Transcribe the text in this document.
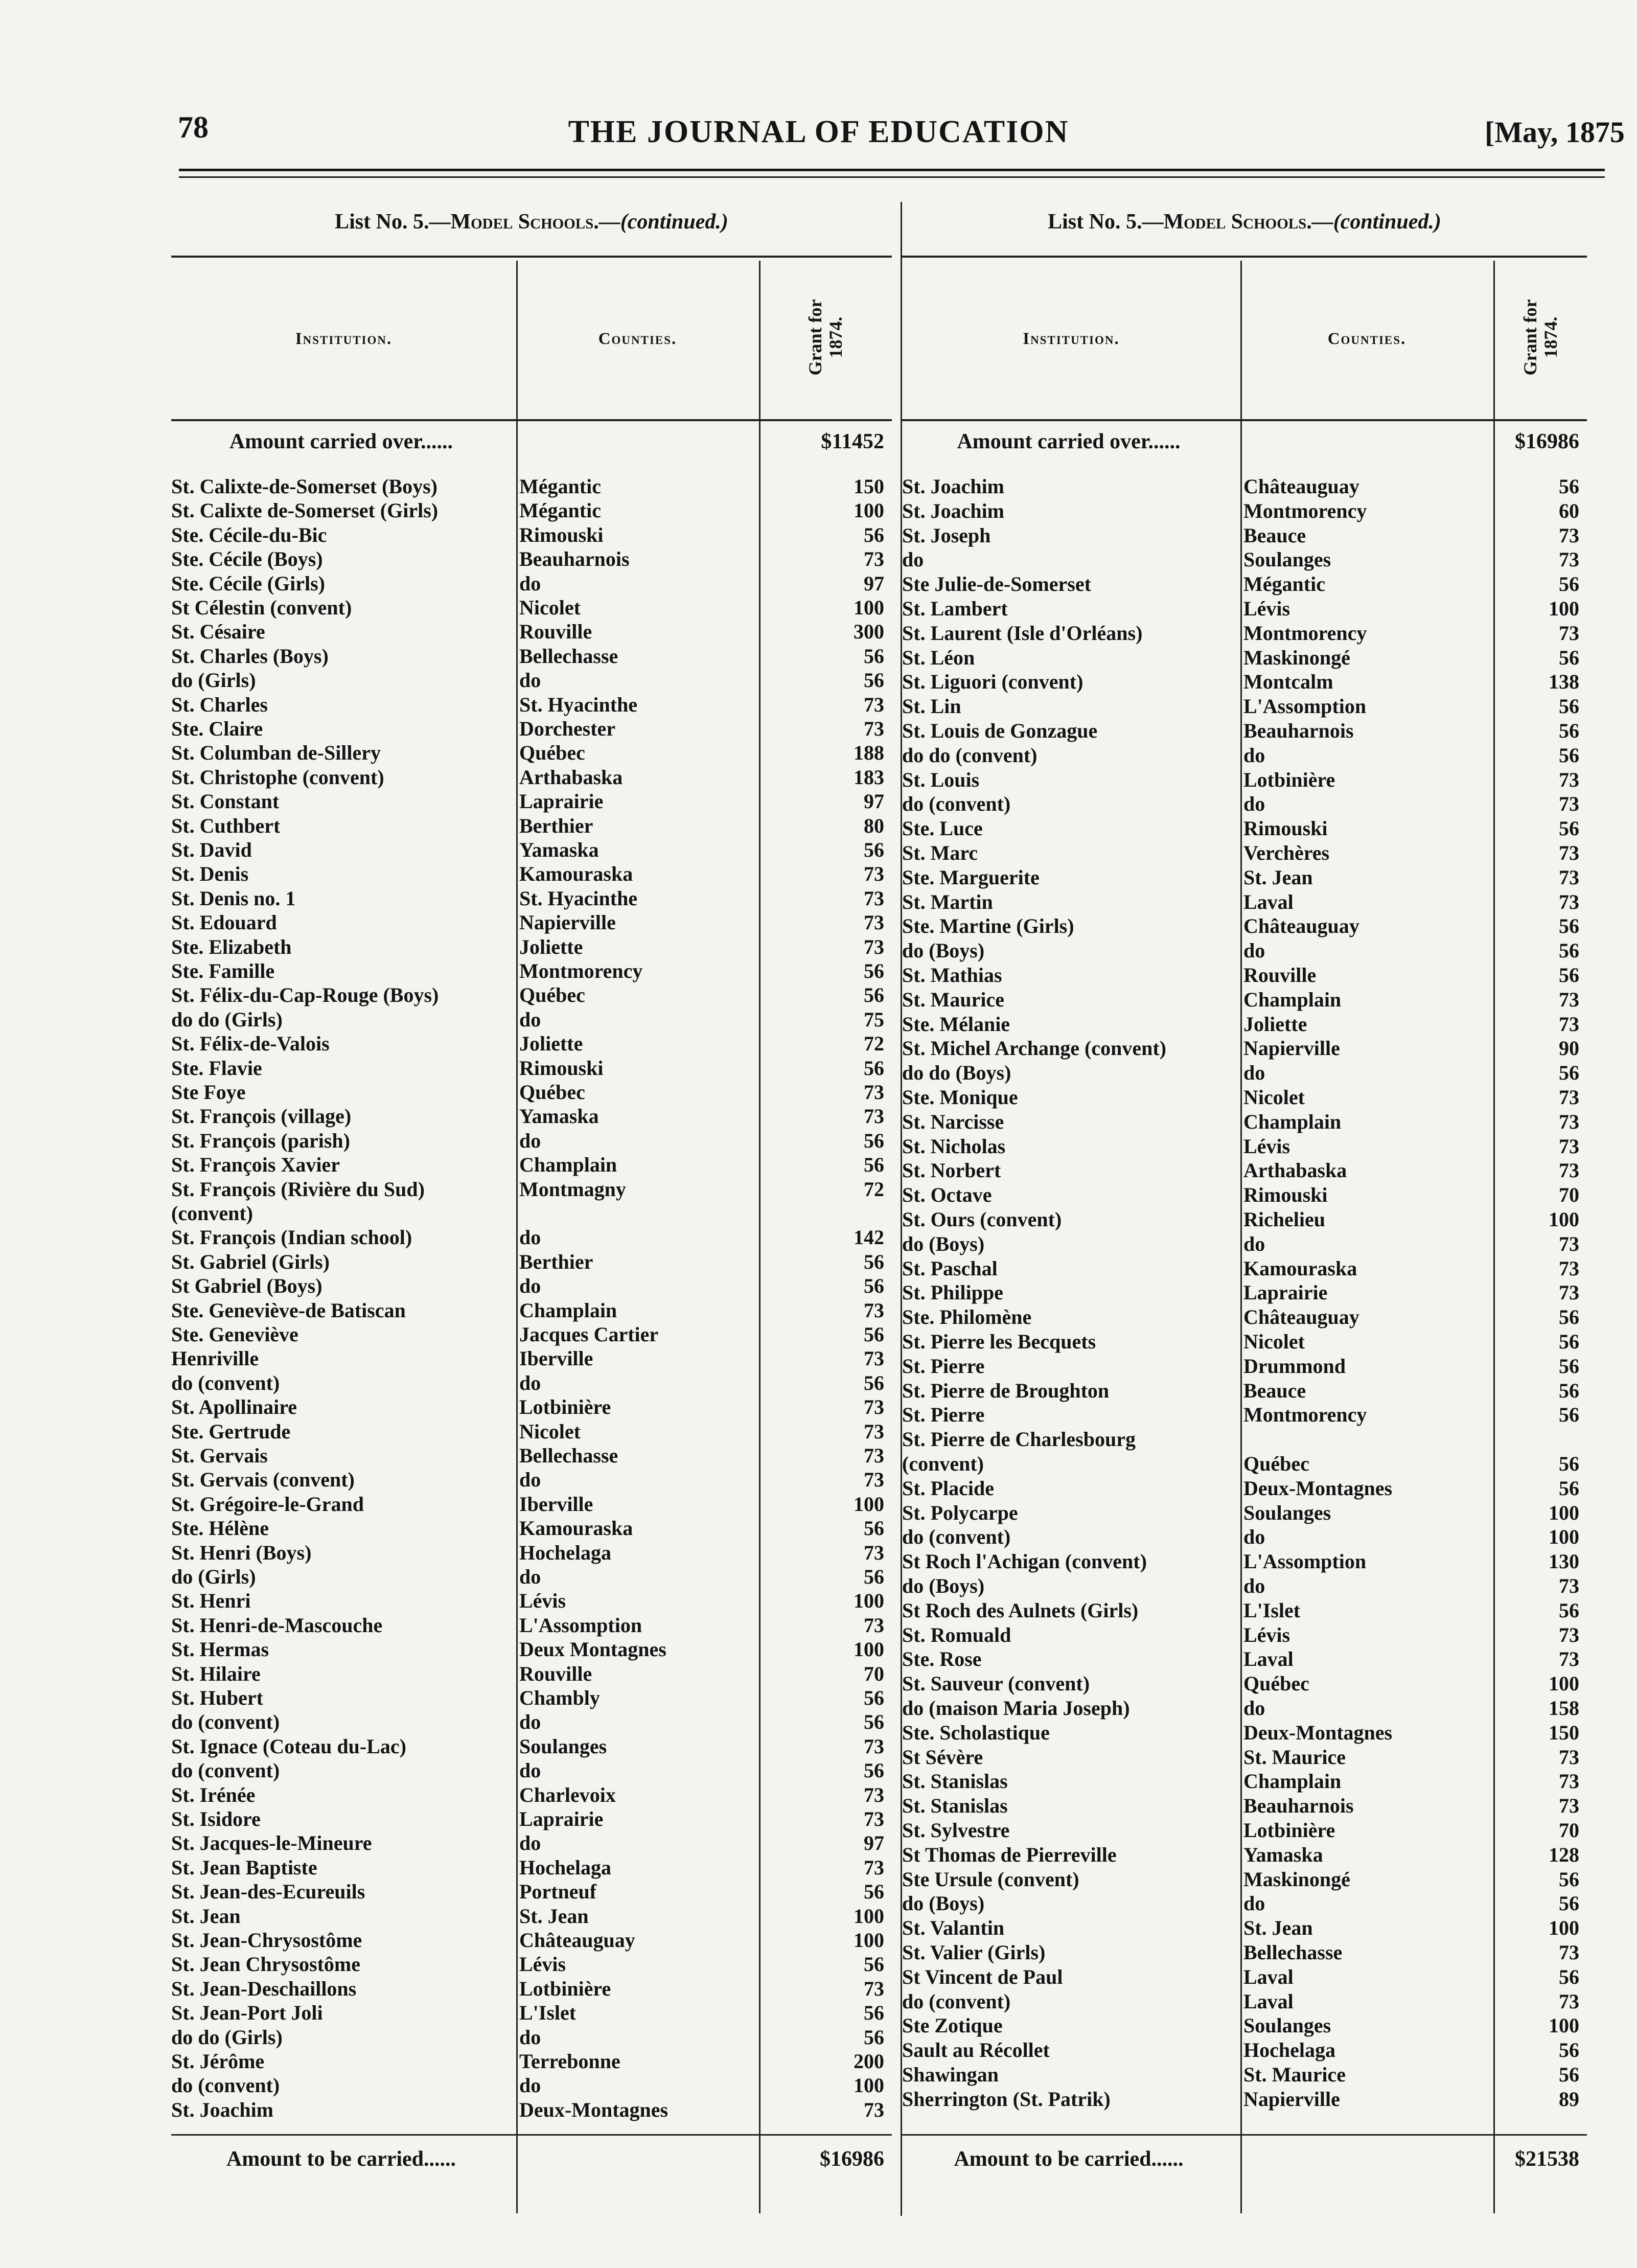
78	THE JOURNAL OF EDUCATION	[May, 1875
List No. 5.—Model Schools.—(continued.)
Institution.	Counties.	Grant for 1874.
Amount carried over......	$11452
St. Calixte-de-Somerset (Boys)	Mégantic	150
St. Calixte de-Somerset (Girls)	Mégantic	100
Ste. Cécile-du-Bic	Rimouski	56
Ste. Cécile (Boys)	Beauharnois	73
Ste. Cécile (Girls)	do	97
St Célestin (convent)	Nicolet	100
St. Césaire	Rouville	300
St. Charles (Boys)	Bellechasse	56
do (Girls)	do	56
St. Charles	St. Hyacinthe	73
Ste. Claire	Dorchester	73
St. Columban de-Sillery	Québec	188
St. Christophe (convent)	Arthabaska	183
St. Constant	Laprairie	97
St. Cuthbert	Berthier	80
St. David	Yamaska	56
St. Denis	Kamouraska	73
St. Denis no. 1	St. Hyacinthe	73
St. Edouard	Napierville	73
Ste. Elizabeth	Joliette	73
Ste. Famille	Montmorency	56
St. Félix-du-Cap-Rouge (Boys)	Québec	56
do do (Girls)	do	75
St. Félix-de-Valois	Joliette	72
Ste. Flavie	Rimouski	56
Ste Foye	Québec	73
St. François (village)	Yamaska	73
St. François (parish)	do	56
St. François Xavier	Champlain	56
St. François (Rivière du Sud)	Montmagny	72
(convent)
St. François (Indian school)	do	142
St. Gabriel (Girls)	Berthier	56
St Gabriel (Boys)	do	56
Ste. Geneviève-de Batiscan	Champlain	73
Ste. Geneviève	Jacques Cartier	56
Henriville	Iberville	73
do (convent)	do	56
St. Apollinaire	Lotbinière	73
Ste. Gertrude	Nicolet	73
St. Gervais	Bellechasse	73
St. Gervais (convent)	do	73
St. Grégoire-le-Grand	Iberville	100
Ste. Hélène	Kamouraska	56
St. Henri (Boys)	Hochelaga	73
do (Girls)	do	56
St. Henri	Lévis	100
St. Henri-de-Mascouche	L'Assomption	73
St. Hermas	Deux Montagnes	100
St. Hilaire	Rouville	70
St. Hubert	Chambly	56
do (convent)	do	56
St. Ignace (Coteau du-Lac)	Soulanges	73
do (convent)	do	56
St. Irénée	Charlevoix	73
St. Isidore	Laprairie	73
St. Jacques-le-Mineure	do	97
St. Jean Baptiste	Hochelaga	73
St. Jean-des-Ecureuils	Portneuf	56
St. Jean	St. Jean	100
St. Jean-Chrysostôme	Châteauguay	100
St. Jean Chrysostôme	Lévis	56
St. Jean-Deschaillons	Lotbinière	73
St. Jean-Port Joli	L'Islet	56
do do (Girls)	do	56
St. Jérôme	Terrebonne	200
do (convent)	do	100
St. Joachim	Deux-Montagnes	73
Amount to be carried......	$16986
List No. 5.—Model Schools.—(continued.)
Institution.	Counties.	Grant for 1874.
Amount carried over......	$16986
St. Joachim	Châteauguay	56
St. Joachim	Montmorency	60
St. Joseph	Beauce	73
do	Soulanges	73
Ste Julie-de-Somerset	Mégantic	56
St. Lambert	Lévis	100
St. Laurent (Isle d'Orléans)	Montmorency	73
St. Léon	Maskinongé	56
St. Liguori (convent)	Montcalm	138
St. Lin	L'Assomption	56
St. Louis de Gonzague	Beauharnois	56
do do (convent)	do	56
St. Louis	Lotbinière	73
do (convent)	do	73
Ste. Luce	Rimouski	56
St. Marc	Verchères	73
Ste. Marguerite	St. Jean	73
St. Martin	Laval	73
Ste. Martine (Girls)	Châteauguay	56
do (Boys)	do	56
St. Mathias	Rouville	56
St. Maurice	Champlain	73
Ste. Mélanie	Joliette	73
St. Michel Archange (convent)	Napierville	90
do do (Boys)	do	56
Ste. Monique	Nicolet	73
St. Narcisse	Champlain	73
St. Nicholas	Lévis	73
St. Norbert	Arthabaska	73
St. Octave	Rimouski	70
St. Ours (convent)	Richelieu	100
do (Boys)	do	73
St. Paschal	Kamouraska	73
St. Philippe	Laprairie	73
Ste. Philomène	Châteauguay	56
St. Pierre les Becquets	Nicolet	56
St. Pierre	Drummond	56
St. Pierre de Broughton	Beauce	56
St. Pierre	Montmorency	56
St. Pierre de Charlesbourg
(convent)	Québec	56
St. Placide	Deux-Montagnes	56
St. Polycarpe	Soulanges	100
do (convent)	do	100
St Roch l'Achigan (convent)	L'Assomption	130
do (Boys)	do	73
St Roch des Aulnets (Girls)	L'Islet	56
St. Romuald	Lévis	73
Ste. Rose	Laval	73
St. Sauveur (convent)	Québec	100
do (maison Maria Joseph)	do	158
Ste. Scholastique	Deux-Montagnes	150
St Sévère	St. Maurice	73
St. Stanislas	Champlain	73
St. Stanislas	Beauharnois	73
St. Sylvestre	Lotbinière	70
St Thomas de Pierreville	Yamaska	128
Ste Ursule (convent)	Maskinongé	56
do (Boys)	do	56
St. Valantin	St. Jean	100
St. Valier (Girls)	Bellechasse	73
St Vincent de Paul	Laval	56
do (convent)	Laval	73
Ste Zotique	Soulanges	100
Sault au Récollet	Hochelaga	56
Shawingan	St. Maurice	56
Sherrington (St. Patrik)	Napierville	89
Amount to be carried......	$21538
